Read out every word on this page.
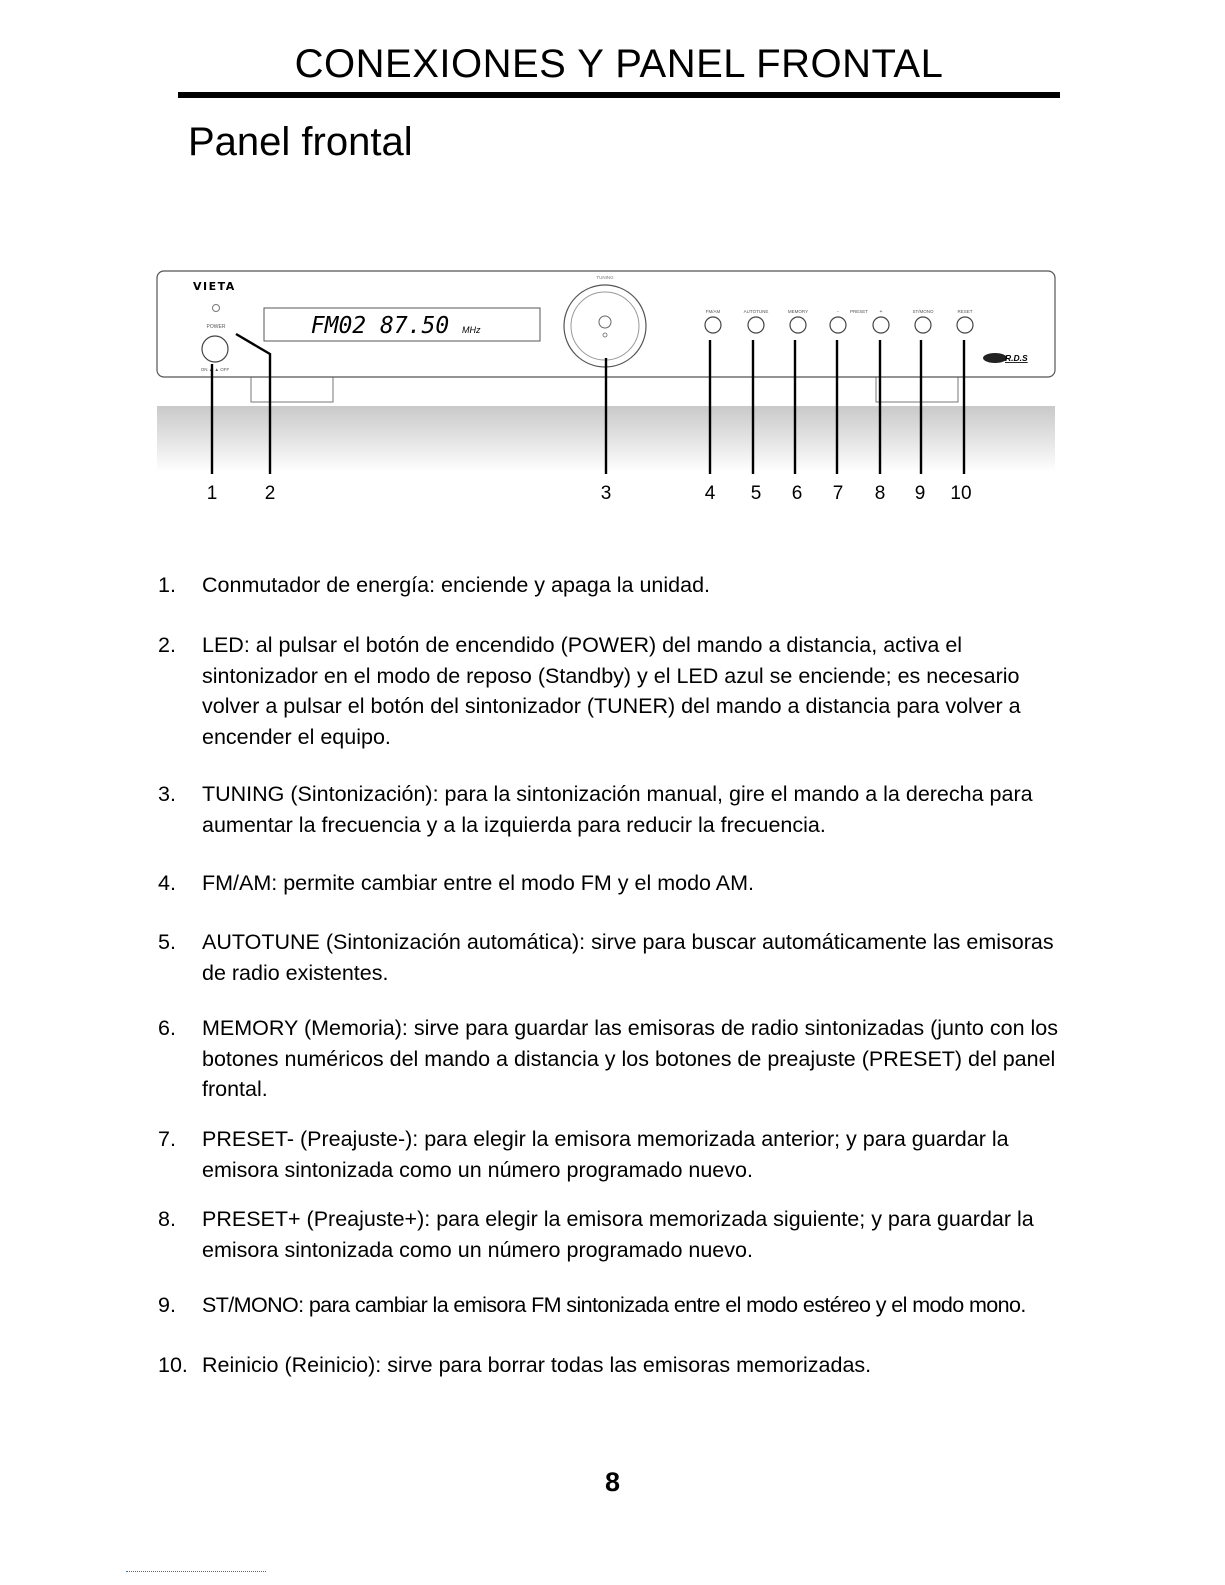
CONEXIONES Y PANEL FRONTAL
Panel frontal
VIETA
POWER
ON ▲ ▲ OFF
FM02 87.50 MHz
TUNING
FM/AM	AUTOTUNE	MEMORY	- PRESET +	ST/MONO	RESET
R.D.S
1 2	3	4 5 6 7 8 9 10
1.	Conmutador de energía: enciende y apaga la unidad.
2.	LED: al pulsar el botón de encendido (POWER) del mando a distancia, activa el sintonizador en el modo de reposo (Standby) y el LED azul se enciende; es necesario volver a pulsar el botón del sintonizador (TUNER) del mando a distancia para volver a encender el equipo.
3.	TUNING (Sintonización): para la sintonización manual, gire el mando a la derecha para aumentar la frecuencia y a la izquierda para reducir la frecuencia.
4.	FM/AM: permite cambiar entre el modo FM y el modo AM.
5.	AUTOTUNE (Sintonización automática): sirve para buscar automáticamente las emisoras de radio existentes.
6.	MEMORY (Memoria): sirve para guardar las emisoras de radio sintonizadas (junto con los botones numéricos del mando a distancia y los botones de preajuste (PRESET) del panel frontal.
7.	PRESET- (Preajuste-): para elegir la emisora memorizada anterior; y para guardar la emisora sintonizada como un número programado nuevo.
8.	PRESET+ (Preajuste+): para elegir la emisora memorizada siguiente; y para guardar la emisora sintonizada como un número programado nuevo.
9.	ST/MONO: para cambiar la emisora FM sintonizada entre el modo estéreo y el modo mono.
10. Reinicio (Reinicio): sirve para borrar todas las emisoras memorizadas.
8
